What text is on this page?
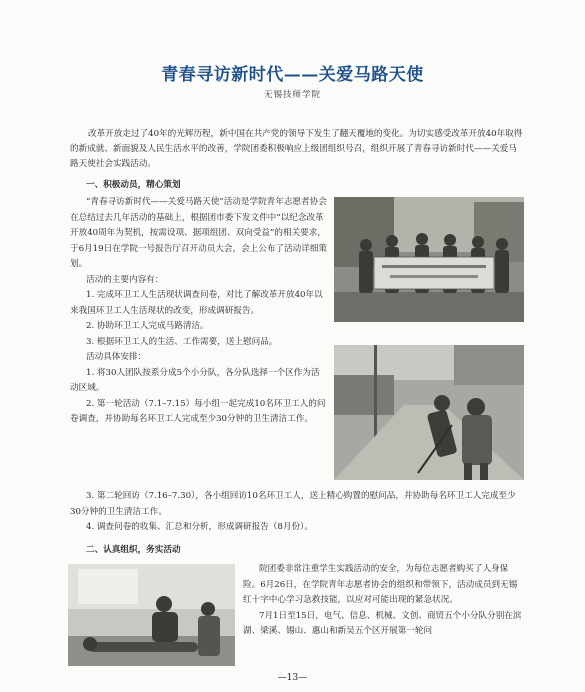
青春寻访新时代——关爱马路天使
无锡技师学院

改革开放走过了40年的光辉历程，新中国在共产党的领导下发生了翻天覆地的变化。为切实感受改革开放40年取得的新成就、新面貌及人民生活水平的改善，学院团委积极响应上级团组织号召，组织开展了青春寻访新时代——关爱马路天使社会实践活动。

一、积极动员，精心策划

“青春寻访新时代——关爱马路天使”活动是学院青年志愿者协会在总结过去几年活动的基础上，根据团市委下发文件中“以纪念改革开放40周年为契机，按需设项、据项组团、双向受益”的相关要求，于6月19日在学院一号报告厅召开动员大会，会上公布了活动详细策划。

活动的主要内容有：

1. 完成环卫工人生活现状调查问卷，对比了解改革开放40年以来我国环卫工人生活现状的改变，形成调研报告。

2. 协助环卫工人完成马路清洁。

3. 根据环卫工人的生活、工作需要，送上慰问品。

活动具体安排：

1. 将30人团队按系分成5个小分队，各分队选择一个区作为活动区域。

2. 第一轮活动（7.1–7.15）每小组一起完成10名环卫工人的问卷调查，并协助每名环卫工人完成至少30分钟的卫生清洁工作。

3. 第二轮回访（7.16–7.30），各小组回访10名环卫工人，送上精心购置的慰问品，并协助每名环卫工人完成至少30分钟的卫生清洁工作。

4. 调查问卷的收集、汇总和分析，形成调研报告（8月份）。

二、认真组织，务实活动

院团委非常注重学生实践活动的安全，为每位志愿者购买了人身保险。6月26日，在学院青年志愿者协会的组织和带领下，活动成员到无锡红十字中心学习急救技能，以应对可能出现的紧急状况。

7月1日至15日，电气、信息、机械、文创、商贸五个小分队分别在滨湖、梁溪、锡山、惠山和新吴五个区开展第一轮问

—13—
